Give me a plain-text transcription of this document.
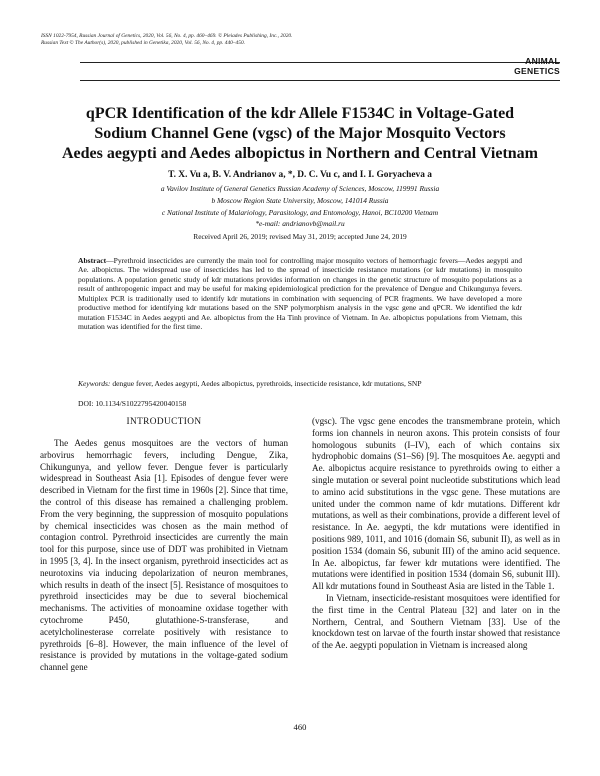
ISSN 1022-7954, Russian Journal of Genetics, 2020, Vol. 56, No. 4, pp. 460–469. © Pleiades Publishing, Inc., 2020.
Russian Text © The Author(s), 2020, published in Genetika, 2020, Vol. 56, No. 4, pp. 440–450.
ANIMAL
GENETICS
qPCR Identification of the kdr Allele F1534C in Voltage-Gated
Sodium Channel Gene (vgsc) of the Major Mosquito Vectors
Aedes aegypti and Aedes albopictus in Northern and Central Vietnam
T. X. Vu a, B. V. Andrianov a, *, D. C. Vu c, and I. I. Goryacheva a
a Vavilov Institute of General Genetics Russian Academy of Sciences, Moscow, 119991 Russia
b Moscow Region State University, Moscow, 141014 Russia
c National Institute of Malariology, Parasitology, and Entomology, Hanoi, BC10200 Vietnam
*e-mail: andrianovb@mail.ru
Received April 26, 2019; revised May 31, 2019; accepted June 24, 2019

Abstract—Pyrethroid insecticides are currently the main tool for controlling major mosquito vectors of hemorrhagic fevers—Aedes aegypti and Ae. albopictus. The widespread use of insecticides has led to the spread of insecticide resistance mutations (or kdr mutations) in mosquito populations. A population genetic study of kdr mutations provides information on changes in the genetic structure of mosquito populations as a result of anthropogenic impact and may be useful for making epidemiological prediction for the prevalence of Dengue and Chikungunya fevers. Multiplex PCR is traditionally used to identify kdr mutations in combination with sequencing of PCR fragments. We have developed a more productive method for identifying kdr mutations based on the SNP polymorphism analysis in the vgsc gene and qPCR. We identified the kdr mutation F1534C in Aedes aegypti and Ae. albopictus from the Ha Tinh province of Vietnam. In Ae. albopictus populations from Vietnam, this mutation was identified for the first time.

Keywords: dengue fever, Aedes aegypti, Aedes albopictus, pyrethroids, insecticide resistance, kdr mutations, SNP
DOI: 10.1134/S1022795420040158
INTRODUCTION

The Aedes genus mosquitoes are the vectors of human arbovirus hemorrhagic fevers, including Dengue, Zika, Chikungunya, and yellow fever. Dengue fever is particularly widespread in Southeast Asia [1]. Episodes of dengue fever were described in Vietnam for the first time in 1960s [2]. Since that time, the control of this disease has remained a challenging problem. From the very beginning, the suppression of mosquito populations by chemical insecticides was chosen as the main method of contagion control. Pyrethroid insecticides are currently the main tool for this purpose, since use of DDT was prohibited in Vietnam in 1995 [3, 4]. In the insect organism, pyrethroid insecticides act as neurotoxins via inducing depolarization of neuron membranes, which results in death of the insect [5]. Resistance of mosquitoes to pyrethroid insecticides may be due to several biochemical mechanisms. The activities of monoamine oxidase together with cytochrome P450, glutathione-S-transferase, and acetylcholinesterase correlate positively with resistance to pyrethroids [6–8]. However, the main influence of the level of resistance is provided by mutations in the voltage-gated sodium channel gene

(vgsc). The vgsc gene encodes the transmembrane protein, which forms ion channels in neuron axons. This protein consists of four homologous subunits (I–IV), each of which contains six hydrophobic domains (S1–S6) [9]. The mosquitoes Ae. aegypti and Ae. albopictus acquire resistance to pyrethroids owing to either a single mutation or several point nucleotide substitutions which lead to amino acid substitutions in the vgsc gene. These mutations are united under the common name of kdr mutations. Different kdr mutations, as well as their combinations, provide a different level of resistance. In Ae. aegypti, the kdr mutations were identified in positions 989, 1011, and 1016 (domain S6, subunit II), as well as in position 1534 (domain S6, subunit III) of the amino acid sequence. In Ae. albopictus, far fewer kdr mutations were identified. The mutations were identified in position 1534 (domain S6, subunit III). All kdr mutations found in Southeast Asia are listed in the Table 1.

In Vietnam, insecticide-resistant mosquitoes were identified for the first time in the Central Plateau [32] and later on in the Northern, Central, and Southern Vietnam [33]. Use of the knockdown test on larvae of the fourth instar showed that resistance of the Ae. aegypti population in Vietnam is increased along

460
